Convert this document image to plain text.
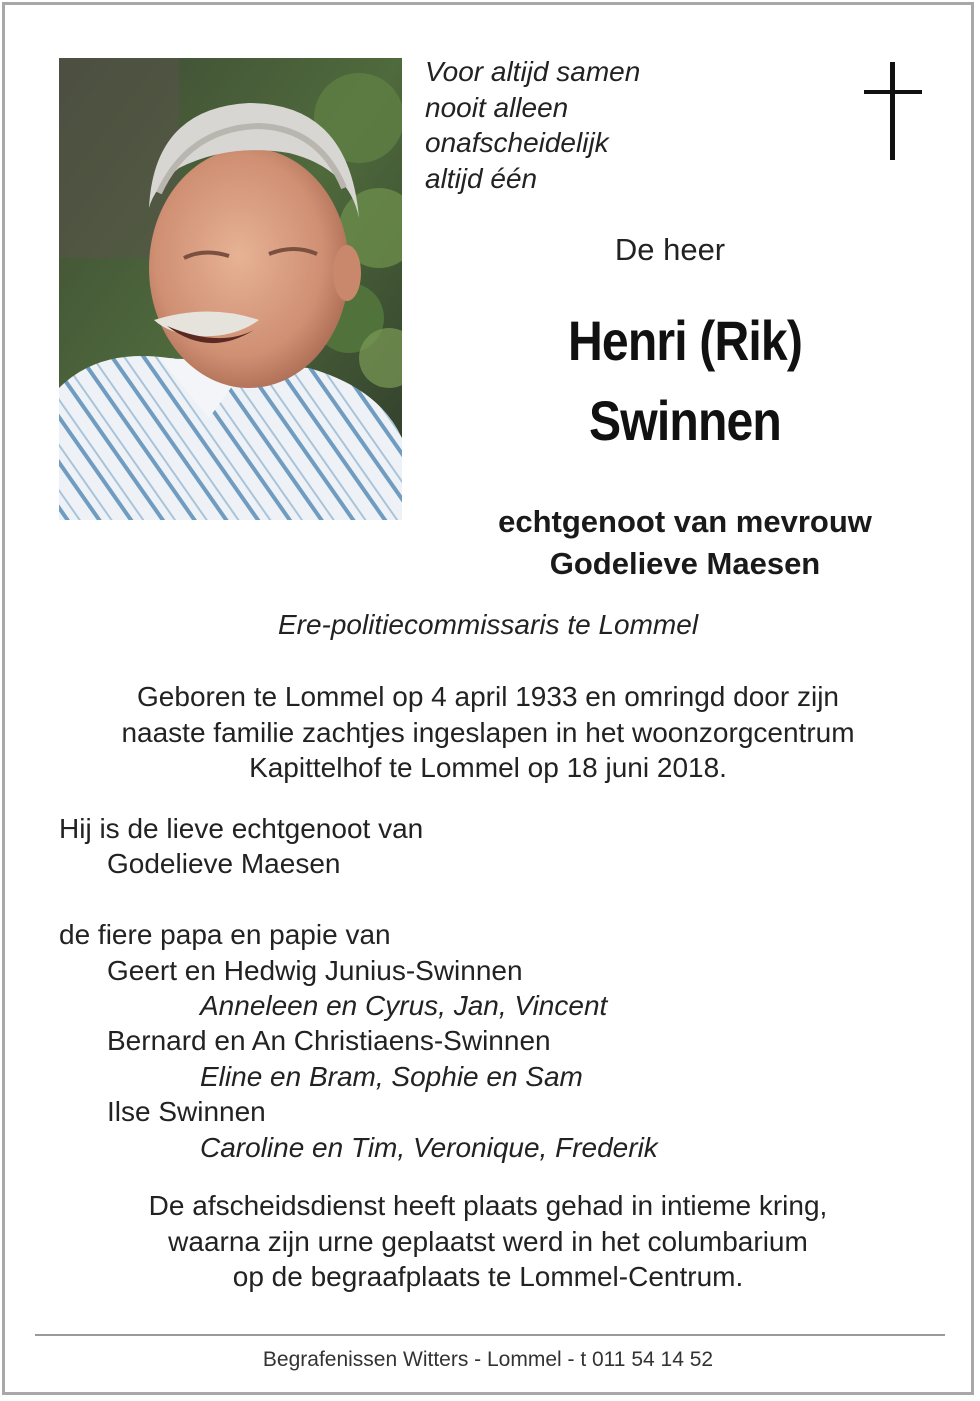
Voor altijd samen
nooit alleen
onafscheidelijk
altijd één
De heer
Henri (Rik)
Swinnen
echtgenoot van mevrouw
Godelieve Maesen
Ere-politiecommissaris te Lommel
Geboren te Lommel op 4 april 1933 en omringd door zijn
naaste familie zachtjes ingeslapen in het woonzorgcentrum
Kapittelhof te Lommel op 18 juni 2018.
Hij is de lieve echtgenoot van
Godelieve Maesen
de fiere papa en papie van
Geert en Hedwig Junius-Swinnen
Anneleen en Cyrus, Jan, Vincent
Bernard en An Christiaens-Swinnen
Eline en Bram, Sophie en Sam
Ilse Swinnen
Caroline en Tim, Veronique, Frederik
De afscheidsdienst heeft plaats gehad in intieme kring,
waarna zijn urne geplaatst werd in het columbarium
op de begraafplaats te Lommel-Centrum.
Begrafenissen Witters - Lommel - t 011 54 14 52
